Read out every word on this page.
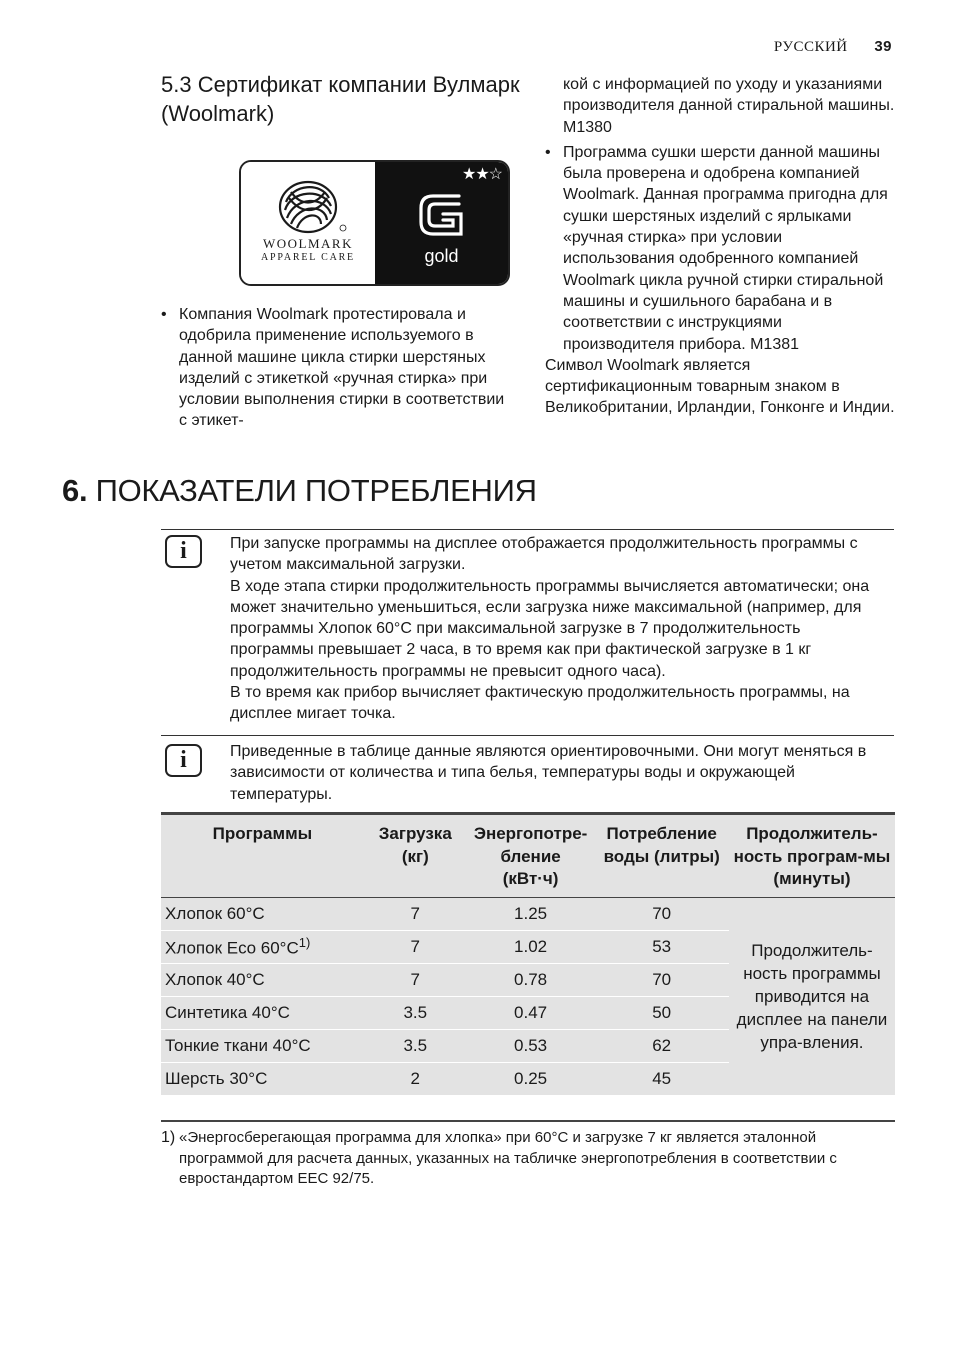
РУССКИЙ 39
5.3 Сертификат компании Вулмарк (Woolmark)
WOOLMARK
APPAREL CARE
★★☆
gold
• Компания Woolmark протестировала и одобрила применение используемого в данной машине цикла стирки шерстяных изделий с этикеткой «ручная стирка» при условии выполнения стирки в соответствии с этикет-
кой с информацией по уходу и указаниями производителя данной стиральной машины. M1380
• Программа сушки шерсти данной машины была проверена и одобрена компанией Woolmark. Данная программа пригодна для сушки шерстяных изделий с ярлыками «ручная стирка» при условии использования одобренного компанией Woolmark цикла ручной стирки стиральной машины и сушильного барабана и в соответствии с инструкциями производителя прибора. M1381
Символ Woolmark является сертификационным товарным знаком в Великобритании, Ирландии, Гонконге и Индии.
6. ПОКАЗАТЕЛИ ПОТРЕБЛЕНИЯ
i	При запуске программы на дисплее отображается продолжительность программы с учетом максимальной загрузки.
В ходе этапа стирки продолжительность программы вычисляется автоматически; она может значительно уменьшиться, если загрузка ниже максимальной (например, для программы Хлопок 60°C при максимальной загрузке в 7 продолжительность программы превышает 2 часа, в то время как при фактической загрузке в 1 кг продолжительность программы не превысит одного часа).
В то время как прибор вычисляет фактическую продолжительность программы, на дисплее мигает точка.
i	Приведенные в таблице данные являются ориентировочными. Они могут меняться в зависимости от количества и типа белья, температуры воды и окружающей температуры.
Программы	Загрузка (кг)	Энергопотре-бление (кВт·ч)	Потребление воды (литры)	Продолжитель-ность програм-мы (минуты)
Хлопок 60°C	7	1.25	70	Продолжитель-ность программы приводится на дисплее на панели упра-вления.
Хлопок Eco $60^\circ C^{1)}$	7	1.02	53	
Хлопок 40°C	7	0.78	70	
Синтетика 40°C	3.5	0.47	50	
Тонкие ткани 40°C	3.5	0.53	62	
Шерсть 30°C	2	0.25	45	
1) «Энергосберегающая программа для хлопка» при 60°C и загрузке 7 кг является эталонной программой для расчета данных, указанных на табличке энергопотребления в соответствии с евростандартом EEC 92/75.
